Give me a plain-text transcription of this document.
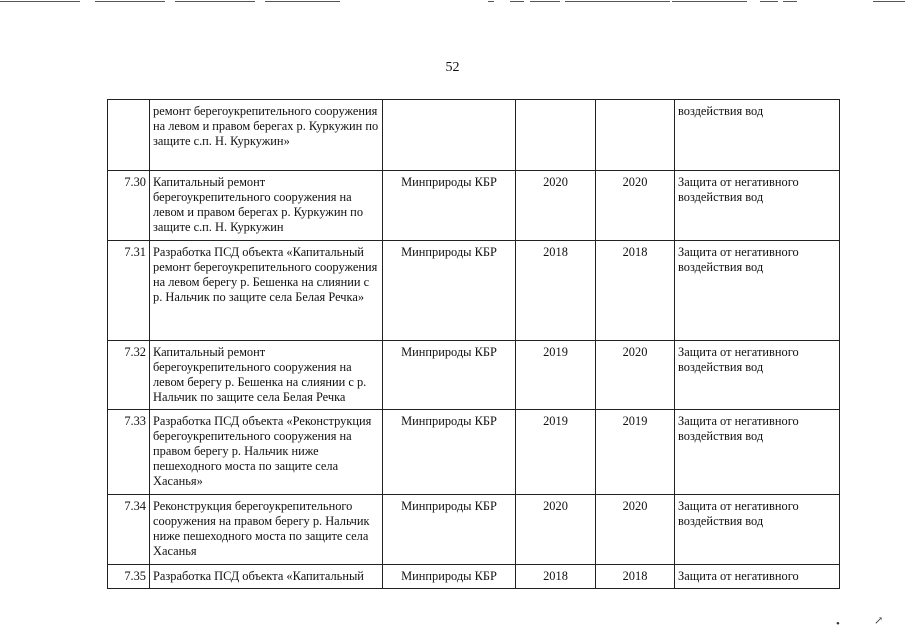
52
	ремонт берегоукрепительного сооружения на левом и правом берегах р. Куркужин по защите с.п. Н. Куркужин»				воздействия вод
7.30	Капитальный ремонт берегоукрепительного сооружения на левом и правом берегах р. Куркужин по защите с.п. Н. Куркужин	Минприроды КБР	2020	2020	Защита от негативного воздействия вод
7.31	Разработка ПСД объекта «Капитальный ремонт берегоукрепительного сооружения на левом берегу р. Бешенка на слиянии с р. Нальчик по защите села Белая Речка»	Минприроды КБР	2018	2018	Защита от негативного воздействия вод
7.32	Капитальный ремонт берегоукрепительного сооружения на левом берегу р. Бешенка на слиянии с р. Нальчик по защите села Белая Речка	Минприроды КБР	2019	2020	Защита от негативного воздействия вод
7.33	Разработка ПСД объекта «Реконструкция берегоукрепительного сооружения на правом берегу р. Нальчик ниже пешеходного моста по защите села Хасанья»	Минприроды КБР	2019	2019	Защита от негативного воздействия вод
7.34	Реконструкция берегоукрепительного сооружения на правом берегу р. Нальчик ниже пешеходного моста по защите села Хасанья	Минприроды КБР	2020	2020	Защита от негативного воздействия вод
7.35	Разработка ПСД объекта «Капитальный	Минприроды КБР	2018	2018	Защита от негативного
•	↗
